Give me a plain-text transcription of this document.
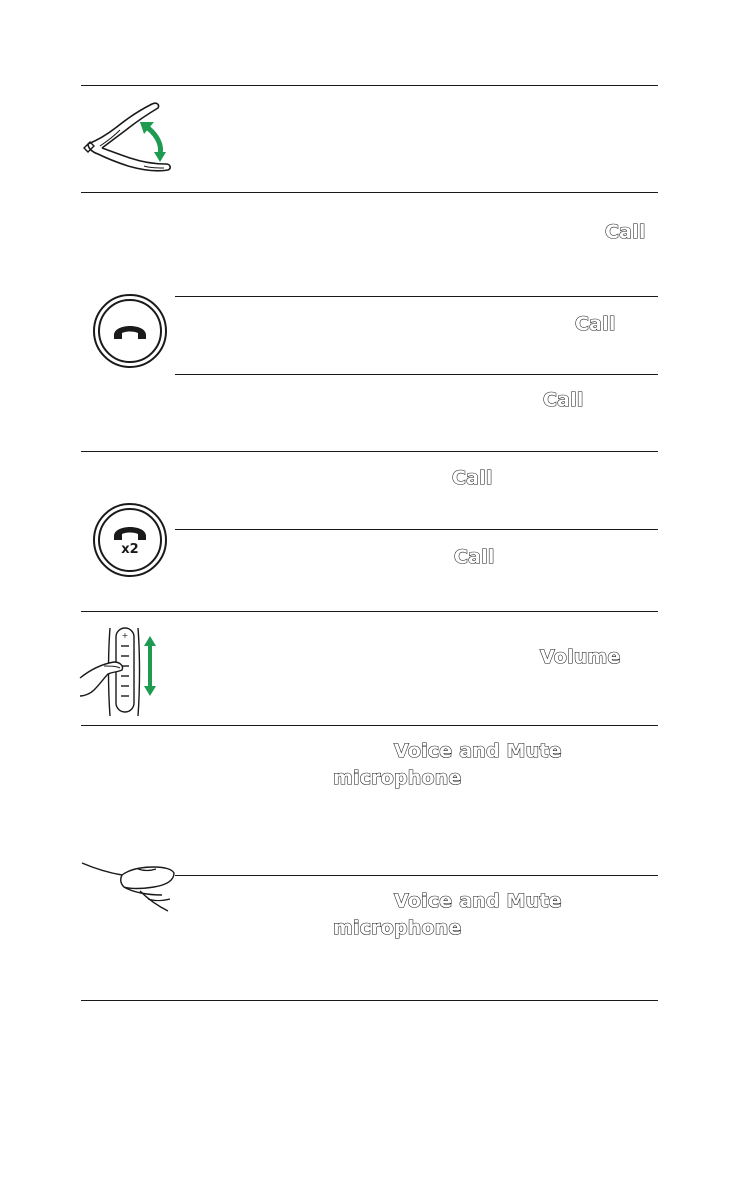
Call
Call
Call
x2
Call
Call
+
Volume
Voice and Mute
microphone
Voice and Mute
microphone
